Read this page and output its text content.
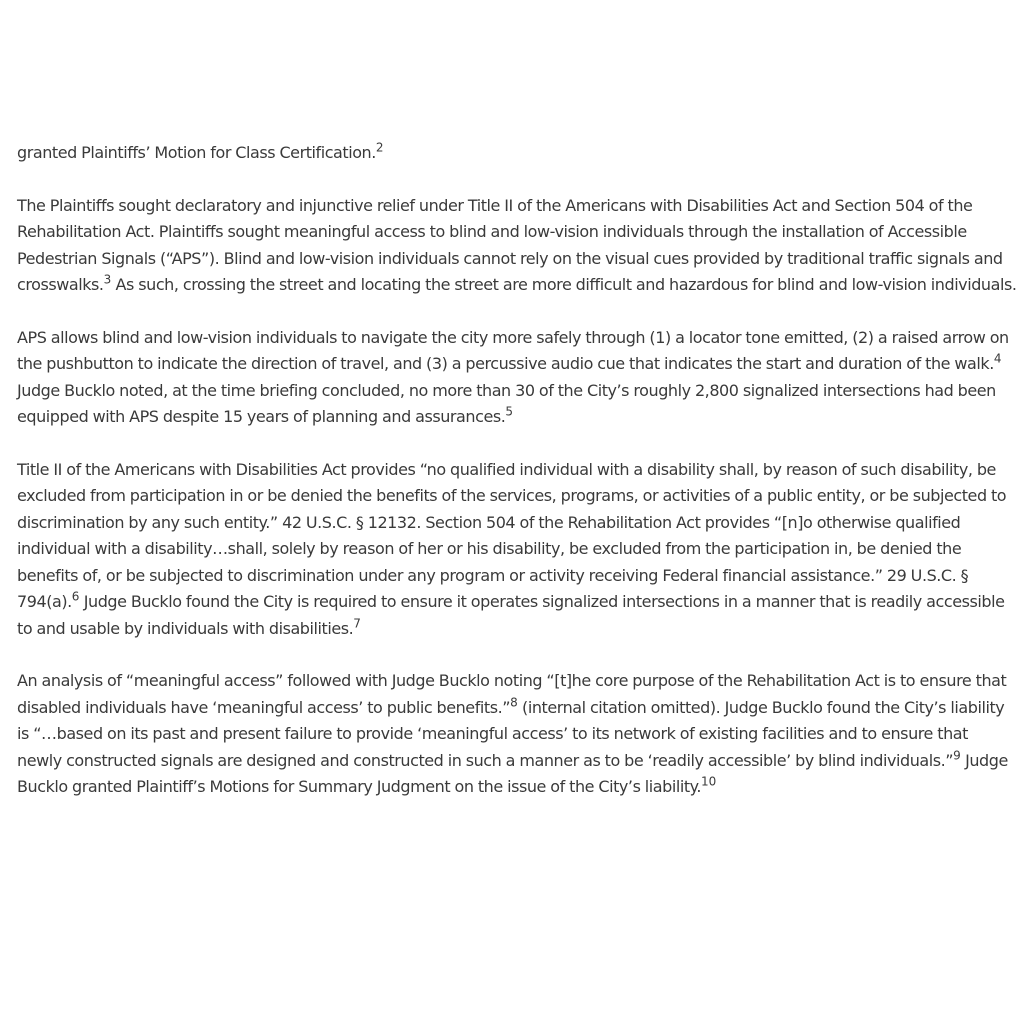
granted Plaintiffs’ Motion for Class Certification.$^2$

The Plaintiffs sought declaratory and injunctive relief under Title II of the Americans with Disabilities Act and Section 504 of the Rehabilitation Act. Plaintiffs sought meaningful access to blind and low-vision individuals through the installation of Accessible Pedestrian Signals (“APS”). Blind and low-vision individuals cannot rely on the visual cues provided by traditional traffic signals and crosswalks.$^3$ As such, crossing the street and locating the street are more difficult and hazardous for blind and low-vision individuals.

APS allows blind and low-vision individuals to navigate the city more safely through (1) a locator tone emitted, (2) a raised arrow on the pushbutton to indicate the direction of travel, and (3) a percussive audio cue that indicates the start and duration of the walk.$^4$ Judge Bucklo noted, at the time briefing concluded, no more than 30 of the City’s roughly 2,800 signalized intersections had been equipped with APS despite 15 years of planning and assurances.$^5$

Title II of the Americans with Disabilities Act provides “no qualified individual with a disability shall, by reason of such disability, be excluded from participation in or be denied the benefits of the services, programs, or activities of a public entity, or be subjected to discrimination by any such entity.” 42 U.S.C. § 12132. Section 504 of the Rehabilitation Act provides “[n]o otherwise qualified individual with a disability…shall, solely by reason of her or his disability, be excluded from the participation in, be denied the benefits of, or be subjected to discrimination under any program or activity receiving Federal financial assistance.” 29 U.S.C. § 794(a).$^6$ Judge Bucklo found the City is required to ensure it operates signalized intersections in a manner that is readily accessible to and usable by individuals with disabilities.$^7$

An analysis of “meaningful access” followed with Judge Bucklo noting “[t]he core purpose of the Rehabilitation Act is to ensure that disabled individuals have ‘meaningful access’ to public benefits.”$^8$ (internal citation omitted). Judge Bucklo found the City’s liability is “…based on its past and present failure to provide ‘meaningful access’ to its network of existing facilities and to ensure that newly constructed signals are designed and constructed in such a manner as to be ‘readily accessible’ by blind individuals.”$^9$ Judge Bucklo granted Plaintiff’s Motions for Summary Judgment on the issue of the City’s liability.$^{10}$
